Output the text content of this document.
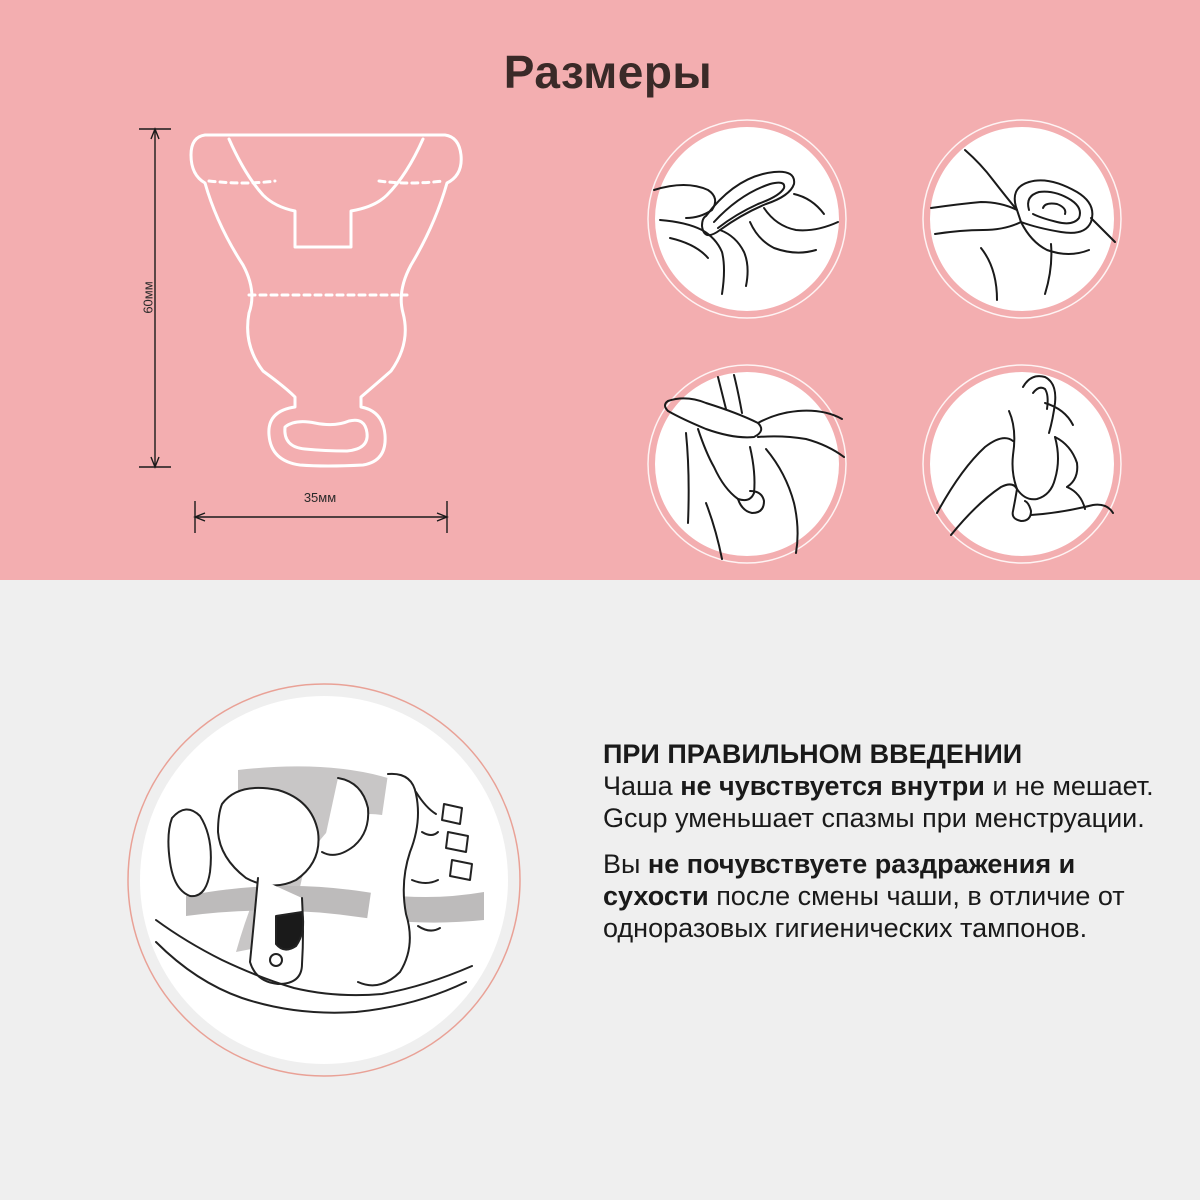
Размеры
60мм
35мм

ПРИ ПРАВИЛЬНОМ ВВЕДЕНИИ
Чаша не чувствуется внутри и не мешает. Gcup уменьшает спазмы при менструации.

Вы не почувствуете раздражения и сухости после смены чаши, в отличие от одноразовых гигиенических тампонов.
